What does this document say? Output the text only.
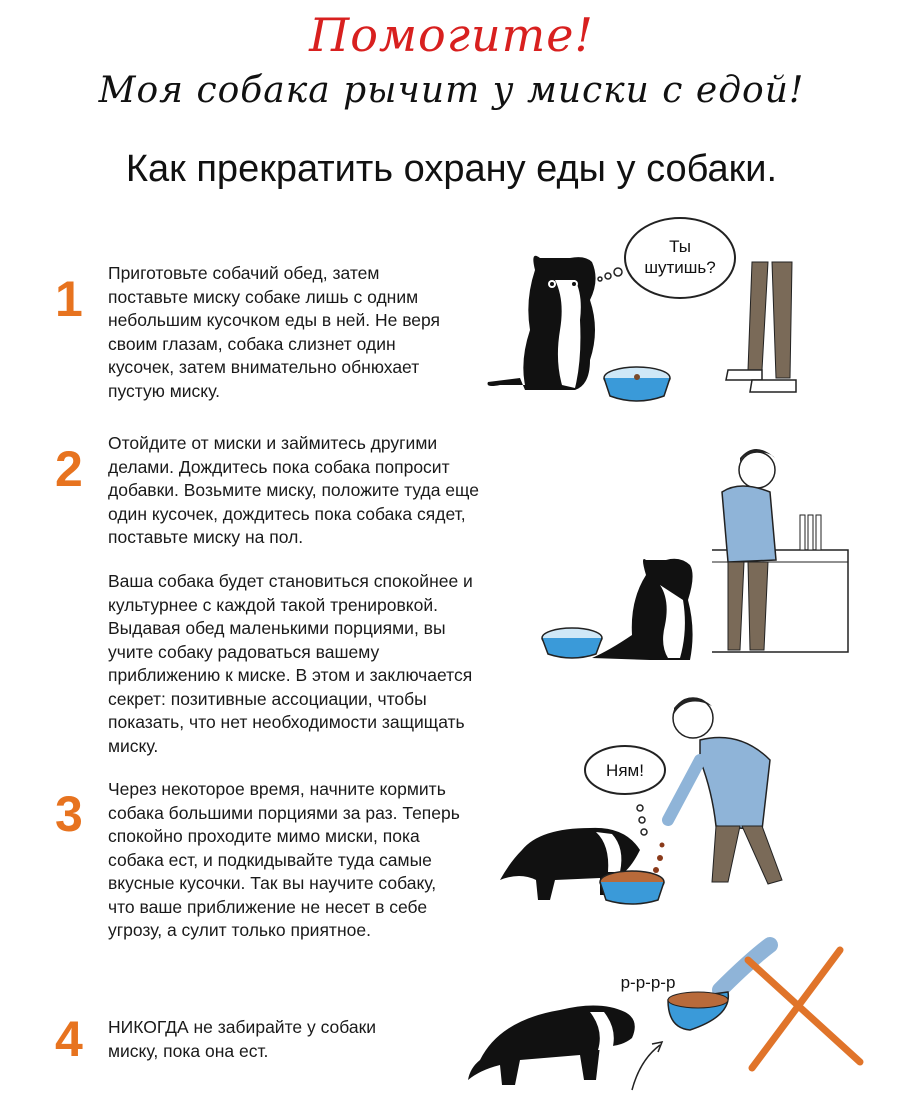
Помогите!
Моя собака рычит у миски с едой!
Как прекратить охрану еды у собаки.
1 Приготовьте собачий обед, затем
поставьте миску собаке лишь с одним
небольшим кусочком еды в ней. Не веря
своим глазам, собака слизнет один
кусочек, затем внимательно обнюхает
пустую миску.
2 Отойдите от миски и займитесь другими
делами. Дождитесь пока собака попросит
добавки. Возьмите миску, положите туда еще
один кусочек, дождитесь пока собака сядет,
поставьте миску на пол.
Ваша собака будет становиться спокойнее и
культурнее с каждой такой тренировкой.
Выдавая обед маленькими порциями, вы
учите собаку радоваться вашему
приближению к миске. В этом и заключается
секрет: позитивные ассоциации, чтобы
показать, что нет необходимости защищать
миску.
3 Через некоторое время, начните кормить
собака большими порциями за раз. Теперь
спокойно проходите мимо миски, пока
собака ест, и подкидывайте туда самые
вкусные кусочки. Так вы научите собаку,
что ваше приближение не несет в себе
угрозу, а сулит только приятное.
4 НИКОГДА не забирайте у собаки
миску, пока она ест.
Ты
шутишь?
Ням!
р-р-р-р
